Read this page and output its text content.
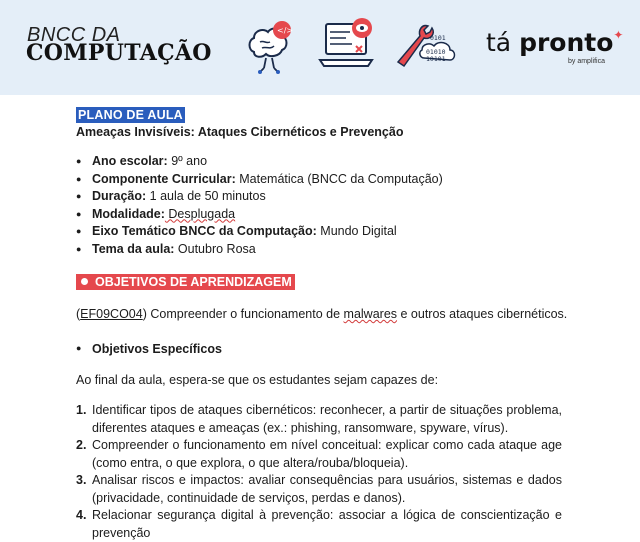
BNCC DA
COMPUTAÇÃO
</>
01010
10101
0101 tá pronto✦
by amplifica
PLANO DE AULA
Ameaças Invisíveis: Ataques Cibernéticos e Prevenção
● Ano escolar: 9º ano
● Componente Curricular: Matemática (BNCC da Computação)
● Duração: 1 aula de 50 minutos
● Modalidade: Desplugada
● Eixo Temático BNCC da Computação: Mundo Digital
● Tema da aula: Outubro Rosa
OBJETIVOS DE APRENDIZAGEM
(EF09CO04) Compreender o funcionamento de malwares e outros ataques cibernéticos.
● Objetivos Específicos
Ao final da aula, espera-se que os estudantes sejam capazes de:
1. Identificar tipos de ataques cibernéticos: reconhecer, a partir de situações problema, diferentes ataques e ameaças (ex.: phishing, ransomware, spyware, vírus).
2. Compreender o funcionamento em nível conceitual: explicar como cada ataque age (como entra, o que explora, o que altera/rouba/bloqueia).
3. Analisar riscos e impactos: avaliar consequências para usuários, sistemas e dados (privacidade, continuidade de serviços, perdas e danos).
4. Relacionar segurança digital à prevenção: associar a lógica de conscientização e prevenção
